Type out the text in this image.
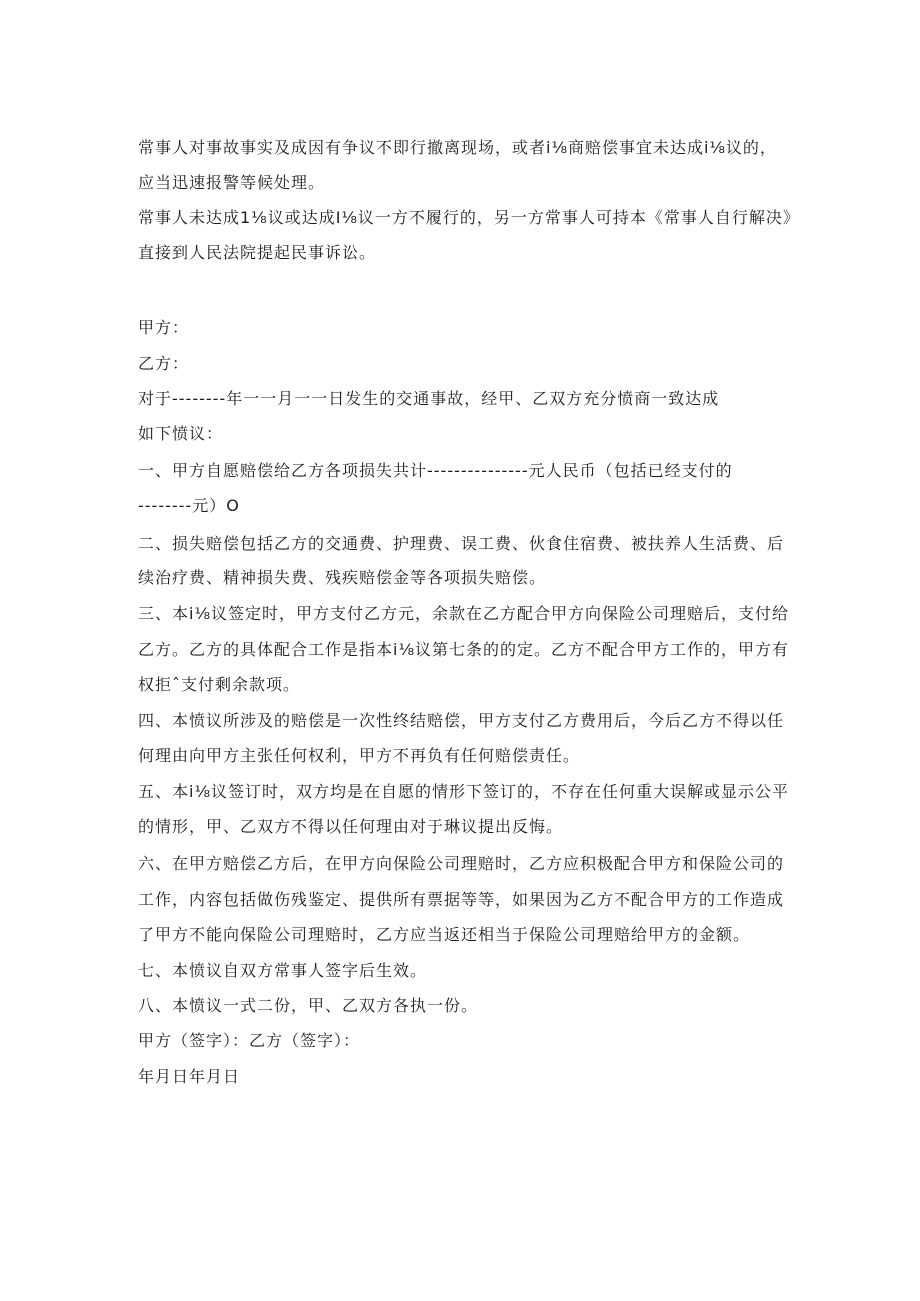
常事人对事故事实及成因有争议不即行撤离现场，或者i⅛商赔偿事宜未达成i⅛议的，
应当迅速报警等候处理。
常事人未达成1⅛议或达成I⅛议一方不履行的，另一方常事人可持本《常事人自行解决》
直接到人民法院提起民事诉讼。
甲方：
乙方：
对于--------年一一月一一日发生的交通事故，经甲、乙双方充分愤商一致达成
如下愤议：
一、甲方自愿赔偿给乙方各项损失共计---------------元人民币（包括已经支付的
--------元）O
二、损失赔偿包括乙方的交通费、护理费、误工费、伙食住宿费、被扶养人生活费、后
续治疗费、精神损失费、残疾赔偿金等各项损失赔偿。
三、本i⅛议签定时，甲方支付乙方元，余款在乙方配合甲方向保险公司理赔后，支付给
乙方。乙方的具体配合工作是指本i⅛议第七条的的定。乙方不配合甲方工作的，甲方有
权拒ˆ支付剩余款项。
四、本愤议所涉及的赔偿是一次性终结赔偿，甲方支付乙方费用后，今后乙方不得以任
何理由向甲方主张任何权利，甲方不再负有任何赔偿责任。
五、本i⅛议签订时，双方均是在自愿的情形下签订的，不存在任何重大误解或显示公平
的情形，甲、乙双方不得以任何理由对于琳议提出反悔。
六、在甲方赔偿乙方后，在甲方向保险公司理赔时，乙方应积极配合甲方和保险公司的
工作，内容包括做伤残鉴定、提供所有票据等等，如果因为乙方不配合甲方的工作造成
了甲方不能向保险公司理赔时，乙方应当返还相当于保险公司理赔给甲方的金额。
七、本愤议自双方常事人签字后生效。
八、本愤议一式二份，甲、乙双方各执一份。
甲方（签字）：乙方（签字）：
年月日年月日
